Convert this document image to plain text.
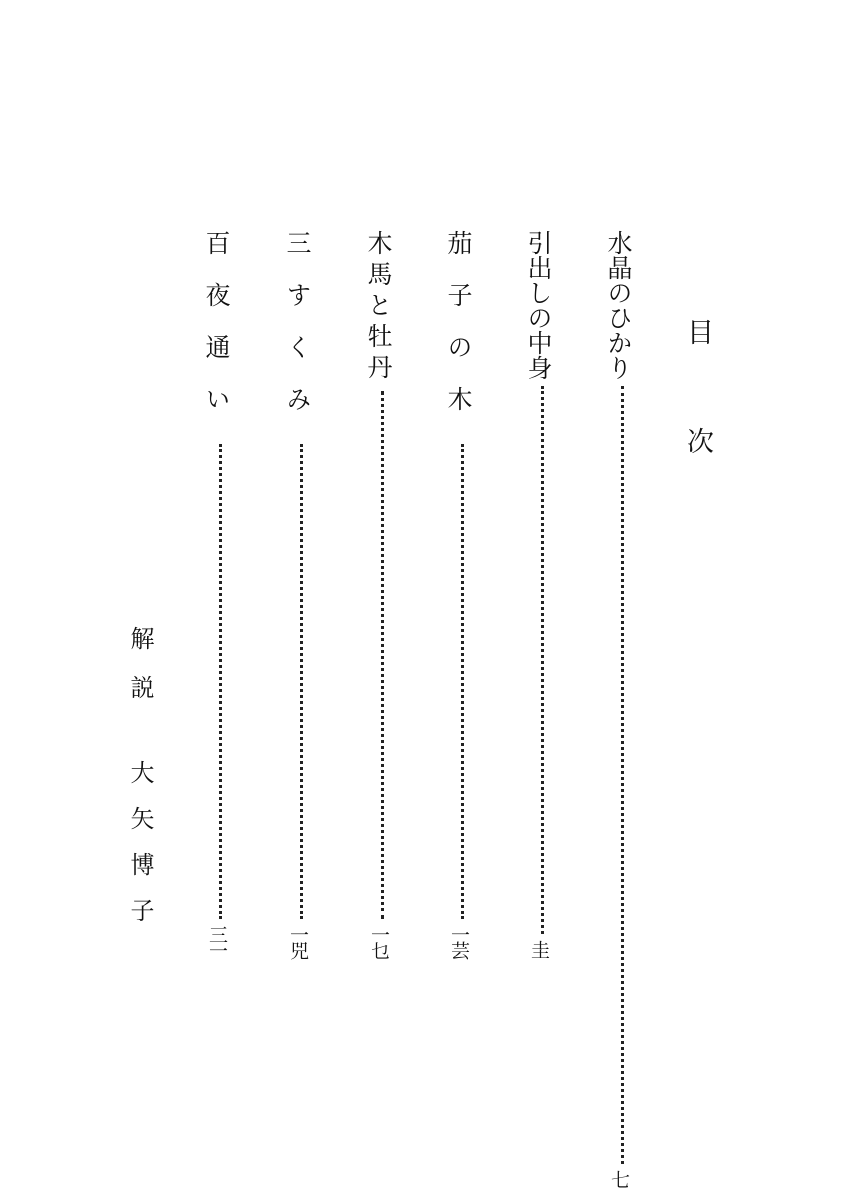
目次
水晶のひかり
七
引出しの中身
圭
茄子の木
一芸
木馬と牡丹
一乜
三すくみ
一兕
百夜通い
三一
解説大矢博子
